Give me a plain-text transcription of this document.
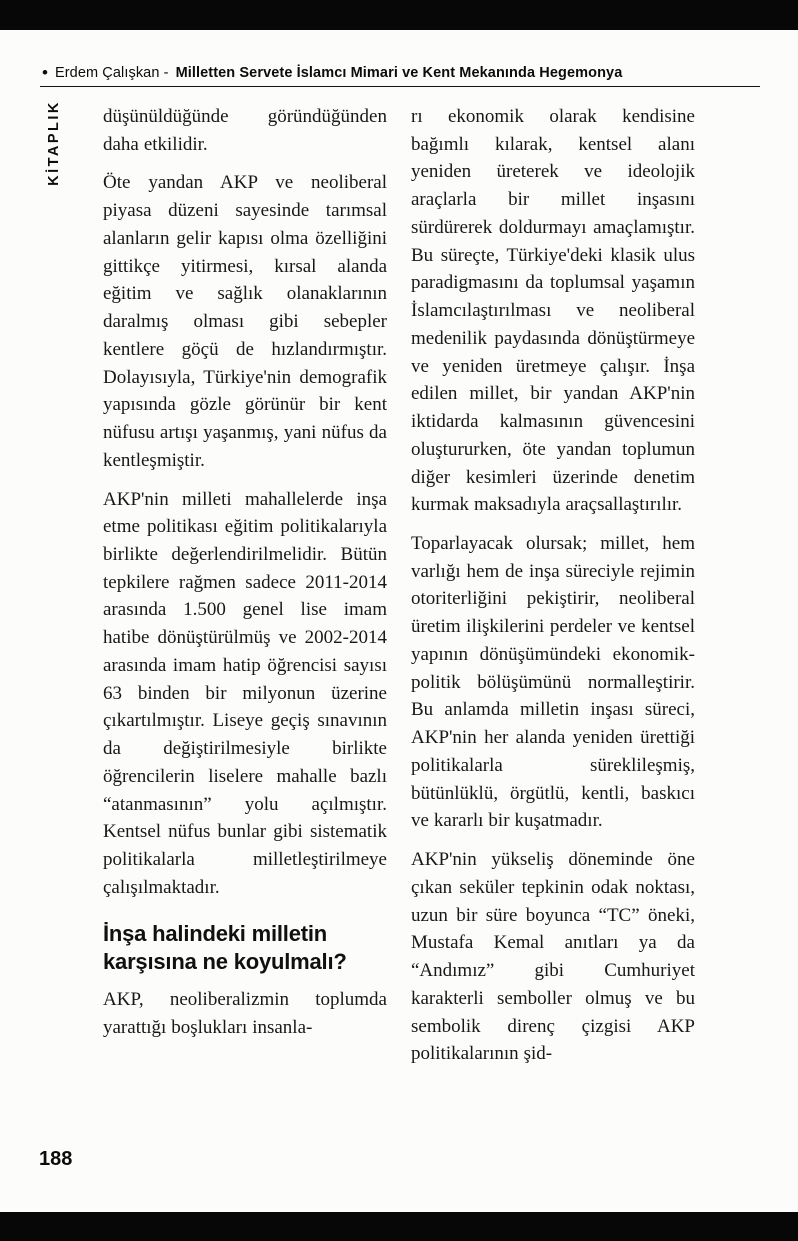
• Erdem Çalışkan - Milletten Servete İslamcı Mimari ve Kent Mekanında Hegemonya
KİTAPLIK düşünüldüğünde göründüğünden daha etkilidir.

Öte yandan AKP ve neoliberal piyasa düzeni sayesinde tarımsal alanların gelir kapısı olma özelliğini gittikçe yitirmesi, kırsal alanda eğitim ve sağlık olanaklarının daralmış olması gibi sebepler kentlere göçü de hızlandırmıştır. Dolayısıyla, Türkiye'nin demografik yapısında gözle görünür bir kent nüfusu artışı yaşanmış, yani nüfus da kentleşmiştir.

AKP'nin milleti mahallelerde inşa etme politikası eğitim politikalarıyla birlikte değerlendirilmelidir. Bütün tepkilere rağmen sadece 2011-2014 arasında 1.500 genel lise imam hatibe dönüştürülmüş ve 2002-2014 arasında imam hatip öğrencisi sayısı 63 binden bir milyonun üzerine çıkartılmıştır. Liseye geçiş sınavının da değiştirilmesiyle birlikte öğrencilerin liselere mahalle bazlı “atanmasının” yolu açılmıştır. Kentsel nüfus bunlar gibi sistematik politikalarla milletleştirilmeye çalışılmaktadır.

İnşa halindeki milletin karşısına ne koyulmalı?

AKP, neoliberalizmin toplumda yarattığı boşlukları insanla-

rı ekonomik olarak kendisine bağımlı kılarak, kentsel alanı yeniden üreterek ve ideolojik araçlarla bir millet inşasını sürdürerek doldurmayı amaçlamıştır. Bu süreçte, Türkiye'deki klasik ulus paradigmasını da toplumsal yaşamın İslamcılaştırılması ve neoliberal medenilik paydasında dönüştürmeye ve yeniden üretmeye çalışır. İnşa edilen millet, bir yandan AKP'nin iktidarda kalmasının güvencesini oluştururken, öte yandan toplumun diğer kesimleri üzerinde denetim kurmak maksadıyla araçsallaştırılır.

Toparlayacak olursak; millet, hem varlığı hem de inşa süreciyle rejimin otoriterliğini pekiştirir, neoliberal üretim ilişkilerini perdeler ve kentsel yapının dönüşümündeki ekonomik-politik bölüşümünü normalleştirir. Bu anlamda milletin inşası süreci, AKP'nin her alanda yeniden ürettiği politikalarla süreklileşmiş, bütünlüklü, örgütlü, kentli, baskıcı ve kararlı bir kuşatmadır.

AKP'nin yükseliş döneminde öne çıkan seküler tepkinin odak noktası, uzun bir süre boyunca “TC” öneki, Mustafa Kemal anıtları ya da “Andımız” gibi Cumhuriyet karakterli semboller olmuş ve bu sembolik direnç çizgisi AKP politikalarının şid-

188
